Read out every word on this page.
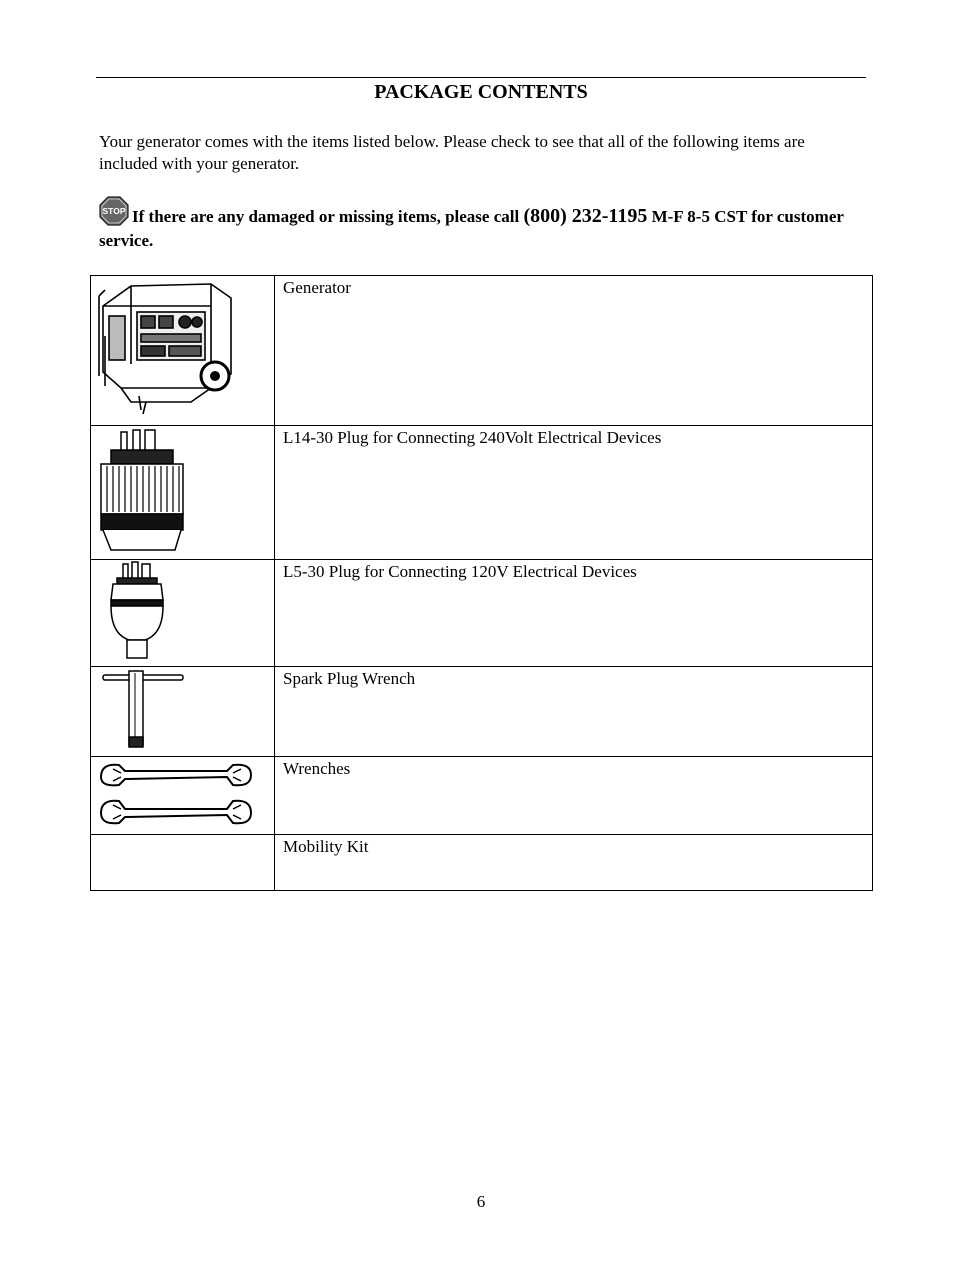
PACKAGE CONTENTS
Your generator comes with the items listed below. Please check to see that all of the following items are included with your generator.
STOP If there are any damaged or missing items, please call (800) 232-1195 M-F 8-5 CST for customer service.
	Generator

	L14-30 Plug for Connecting 240Volt Electrical Devices

	L5-30 Plug for Connecting 120V Electrical Devices

	Spark Plug Wrench

	Wrenches
	Mobility Kit
6
